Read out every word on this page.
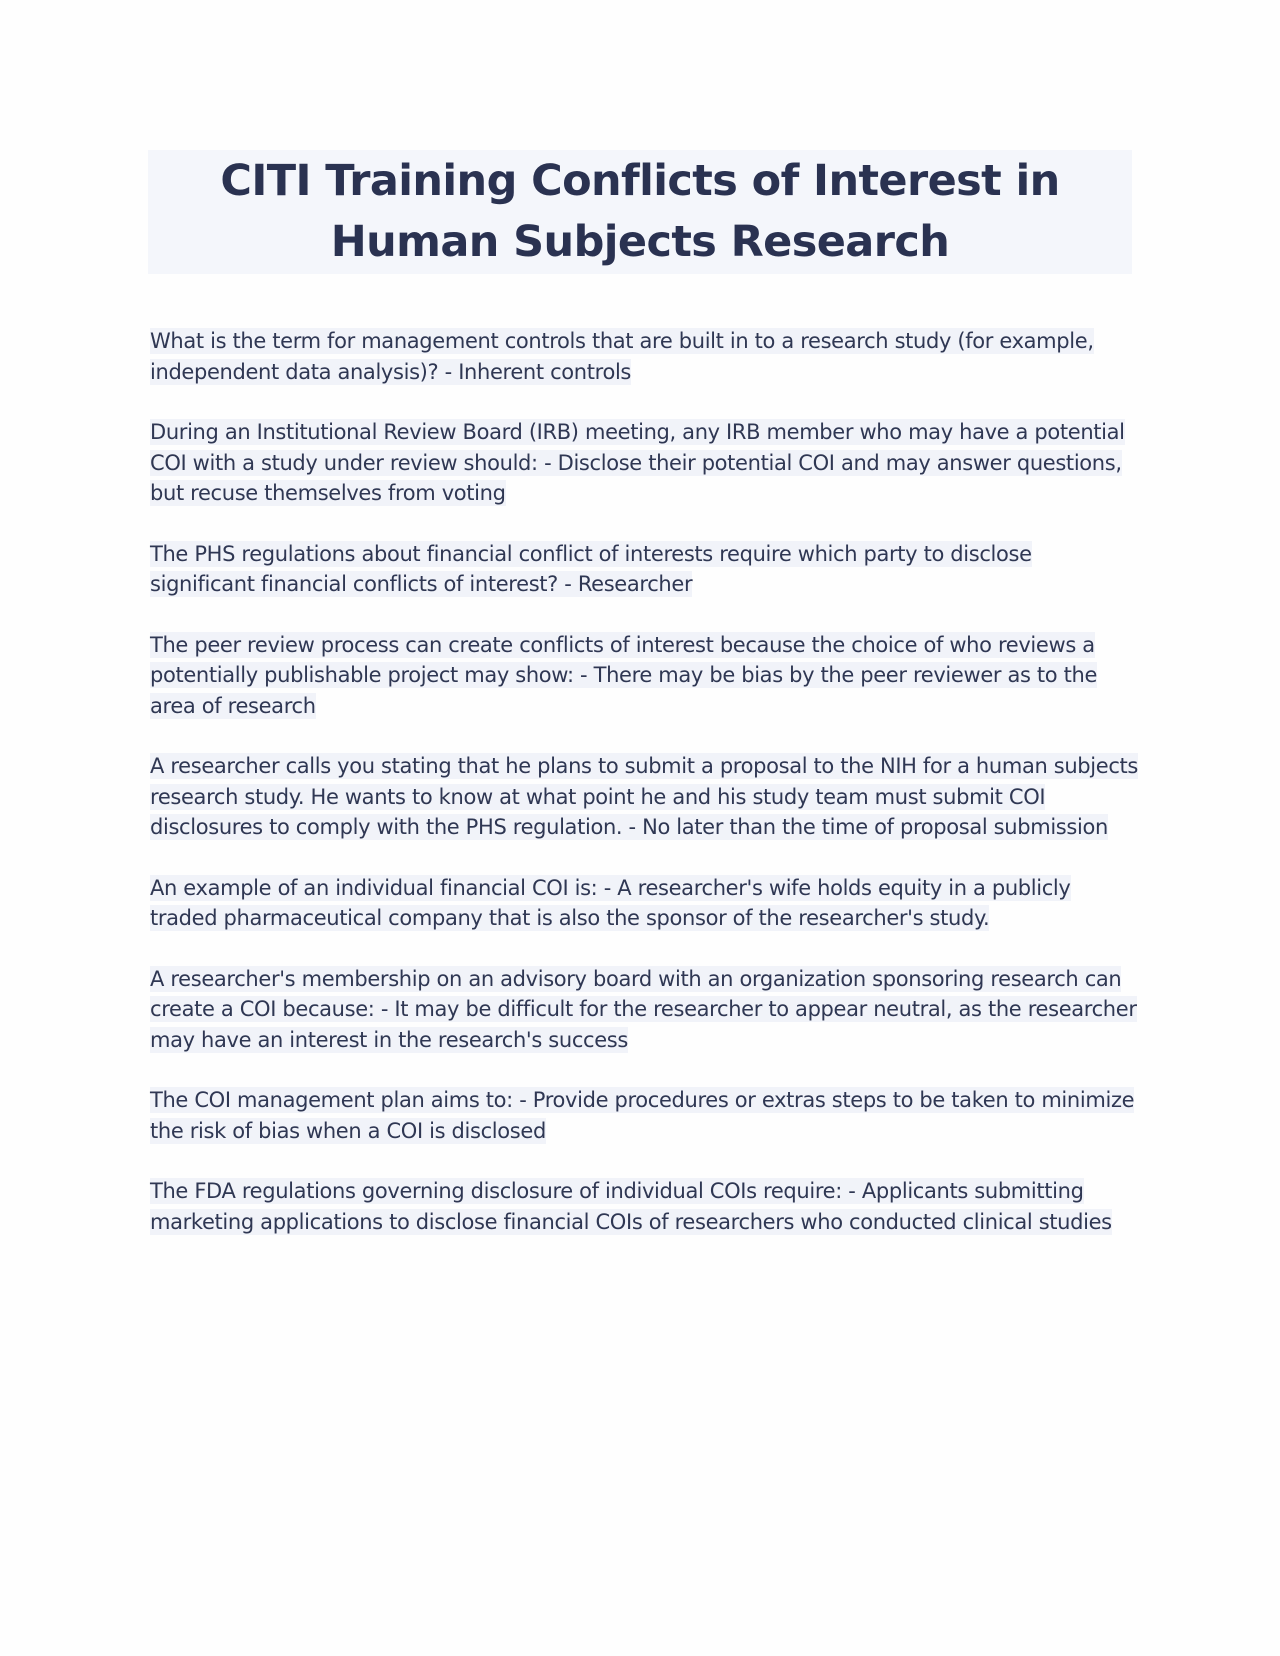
CITI Training Conflicts of Interest in Human Subjects Research
What is the term for management controls that are built in to a research study (for example, independent data analysis)? - Inherent controls
During an Institutional Review Board (IRB) meeting, any IRB member who may have a potential COI with a study under review should: - Disclose their potential COI and may answer questions, but recuse themselves from voting
The PHS regulations about financial conflict of interests require which party to disclose significant financial conflicts of interest? - Researcher
The peer review process can create conflicts of interest because the choice of who reviews a potentially publishable project may show: - There may be bias by the peer reviewer as to the area of research
A researcher calls you stating that he plans to submit a proposal to the NIH for a human subjects research study. He wants to know at what point he and his study team must submit COI disclosures to comply with the PHS regulation. - No later than the time of proposal submission
An example of an individual financial COI is: - A researcher's wife holds equity in a publicly traded pharmaceutical company that is also the sponsor of the researcher's study.
A researcher's membership on an advisory board with an organization sponsoring research can create a COI because: - It may be difficult for the researcher to appear neutral, as the researcher may have an interest in the research's success
The COI management plan aims to: - Provide procedures or extras steps to be taken to minimize the risk of bias when a COI is disclosed
The FDA regulations governing disclosure of individual COIs require: - Applicants submitting marketing applications to disclose financial COIs of researchers who conducted clinical studies
